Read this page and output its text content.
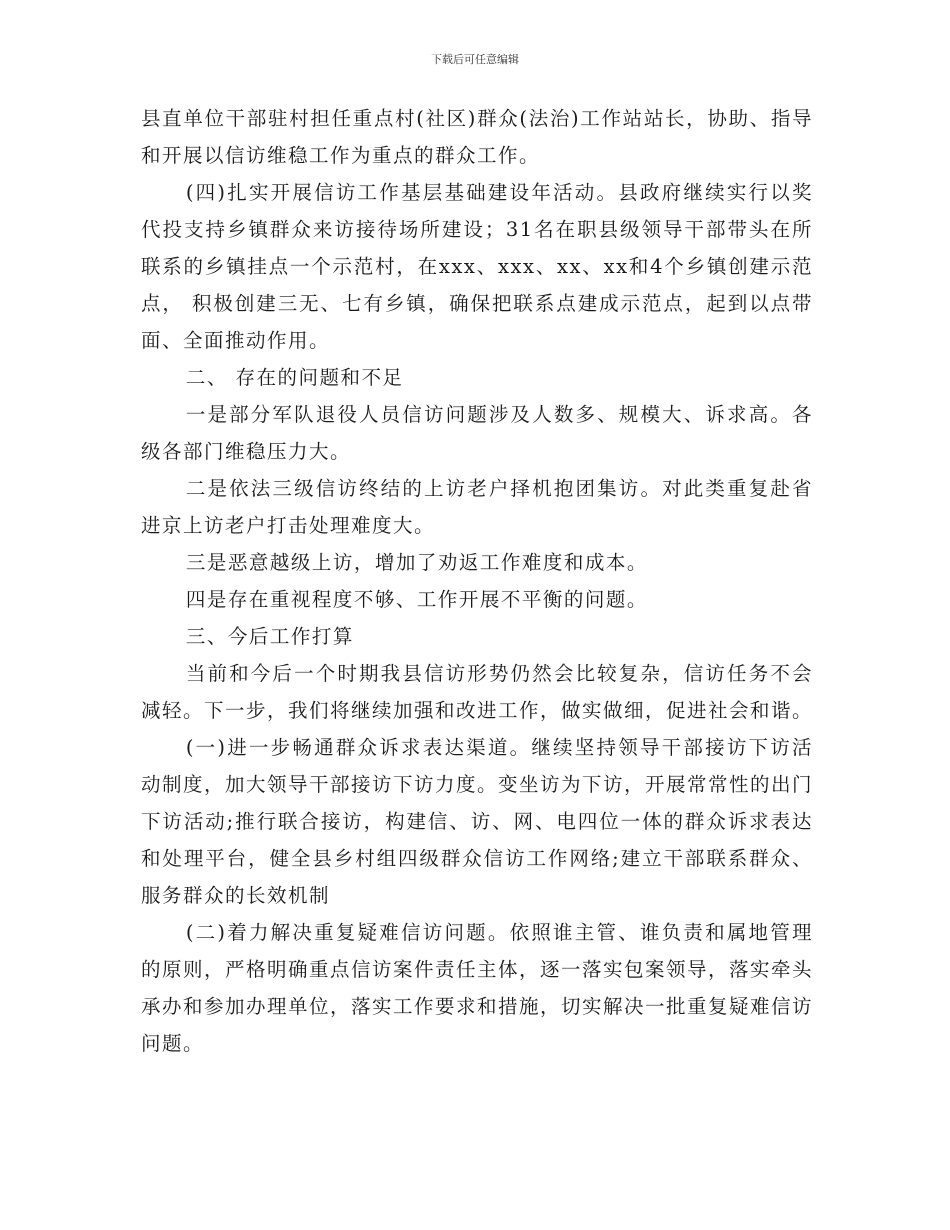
下载后可任意编辑

县直单位干部驻村担任重点村(社区)群众(法治)工作站站长，协助、指导和开展以信访维稳工作为重点的群众工作。

(四)扎实开展信访工作基层基础建设年活动。县政府继续实行以奖代投支持乡镇群众来访接待场所建设；31名在职县级领导干部带头在所联系的乡镇挂点一个示范村，在xxx、xxx、xx、xx和4个乡镇创建示范点， 积极创建三无、七有乡镇，确保把联系点建成示范点，起到以点带面、全面推动作用。

二、 存在的问题和不足

一是部分军队退役人员信访问题涉及人数多、规模大、诉求高。各级各部门维稳压力大。

二是依法三级信访终结的上访老户择机抱团集访。对此类重复赴省进京上访老户打击处理难度大。

三是恶意越级上访，增加了劝返工作难度和成本。

四是存在重视程度不够、工作开展不平衡的问题。

三、今后工作打算

当前和今后一个时期我县信访形势仍然会比较复杂，信访任务不会减轻。下一步，我们将继续加强和改进工作，做实做细，促进社会和谐。

(一)进一步畅通群众诉求表达渠道。继续坚持领导干部接访下访活动制度，加大领导干部接访下访力度。变坐访为下访，开展常常性的出门下访活动;推行联合接访，构建信、访、网、电四位一体的群众诉求表达和处理平台，健全县乡村组四级群众信访工作网络;建立干部联系群众、服务群众的长效机制

(二)着力解决重复疑难信访问题。依照谁主管、谁负责和属地管理的原则，严格明确重点信访案件责任主体，逐一落实包案领导，落实牵头承办和参加办理单位，落实工作要求和措施，切实解决一批重复疑难信访问题。
